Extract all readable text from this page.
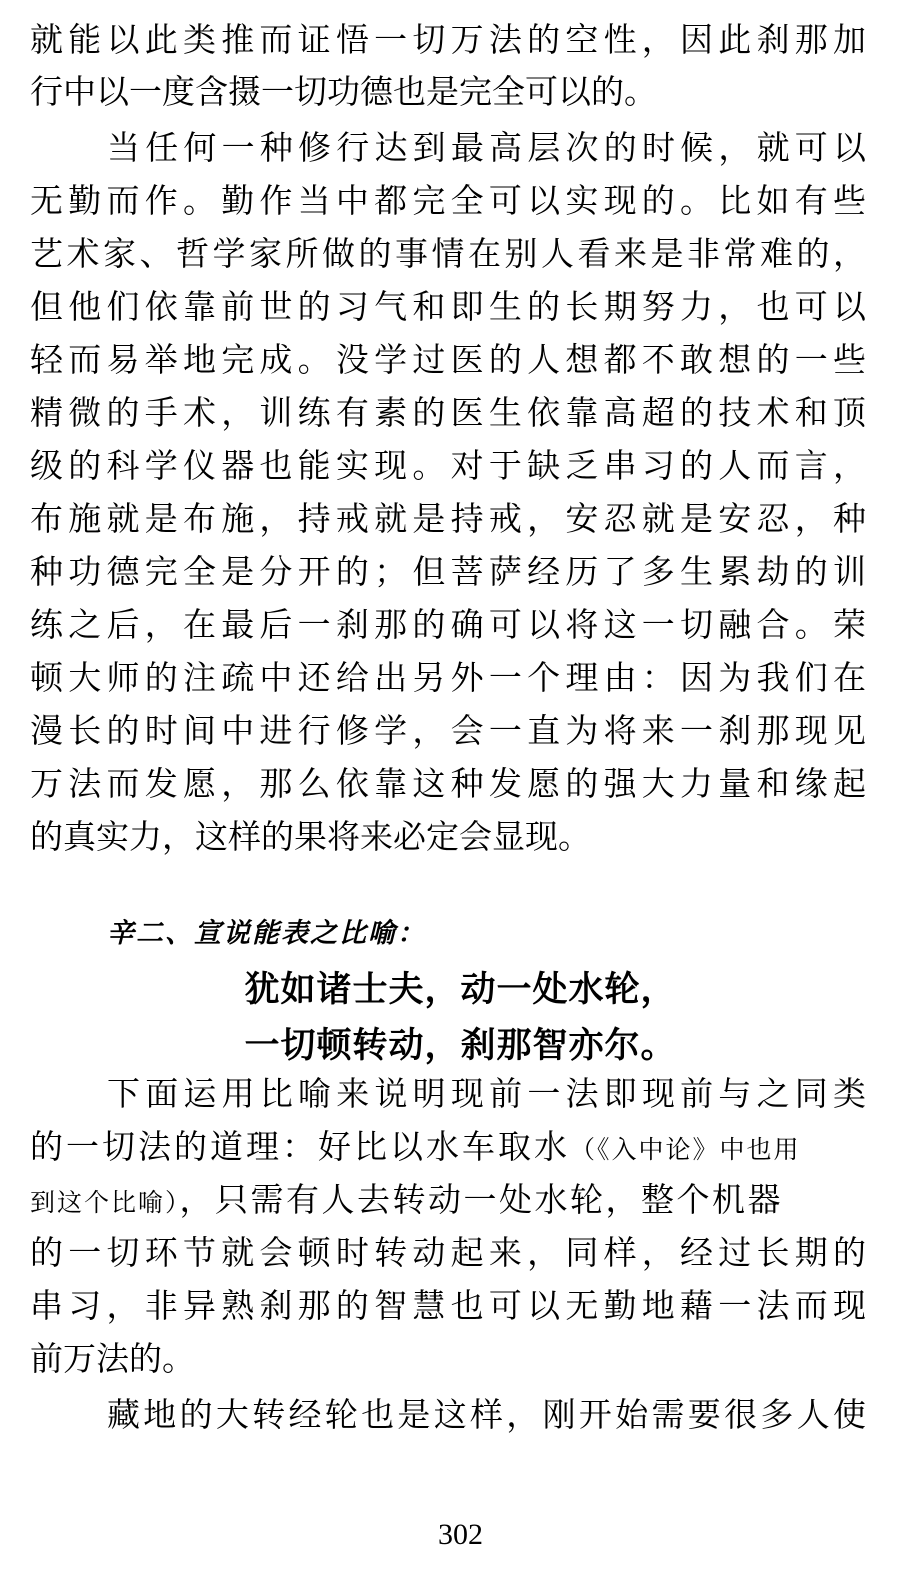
就能以此类推而证悟一切万法的空性，因此刹那加
行中以一度含摄一切功德也是完全可以的。
当任何一种修行达到最高层次的时候，就可以
无勤而作。勤作当中都完全可以实现的。比如有些
艺术家、哲学家所做的事情在别人看来是非常难的，
但他们依靠前世的习气和即生的长期努力，也可以
轻而易举地完成。没学过医的人想都不敢想的一些
精微的手术，训练有素的医生依靠高超的技术和顶
级的科学仪器也能实现。对于缺乏串习的人而言，
布施就是布施，持戒就是持戒，安忍就是安忍，种
种功德完全是分开的；但菩萨经历了多生累劫的训
练之后，在最后一刹那的确可以将这一切融合。荣
顿大师的注疏中还给出另外一个理由：因为我们在
漫长的时间中进行修学，会一直为将来一刹那现见
万法而发愿，那么依靠这种发愿的强大力量和缘起
的真实力，这样的果将来必定会显现。
辛二、宣说能表之比喻：
犹如诸士夫，动一处水轮，
一切顿转动，刹那智亦尔。
下面运用比喻来说明现前一法即现前与之同类
的一切法的道理：好比以水车取水（《入中论》中也用
到这个比喻），只需有人去转动一处水轮，整个机器
的一切环节就会顿时转动起来，同样，经过长期的
串习，非异熟刹那的智慧也可以无勤地藉一法而现
前万法的。
藏地的大转经轮也是这样，刚开始需要很多人使
302
